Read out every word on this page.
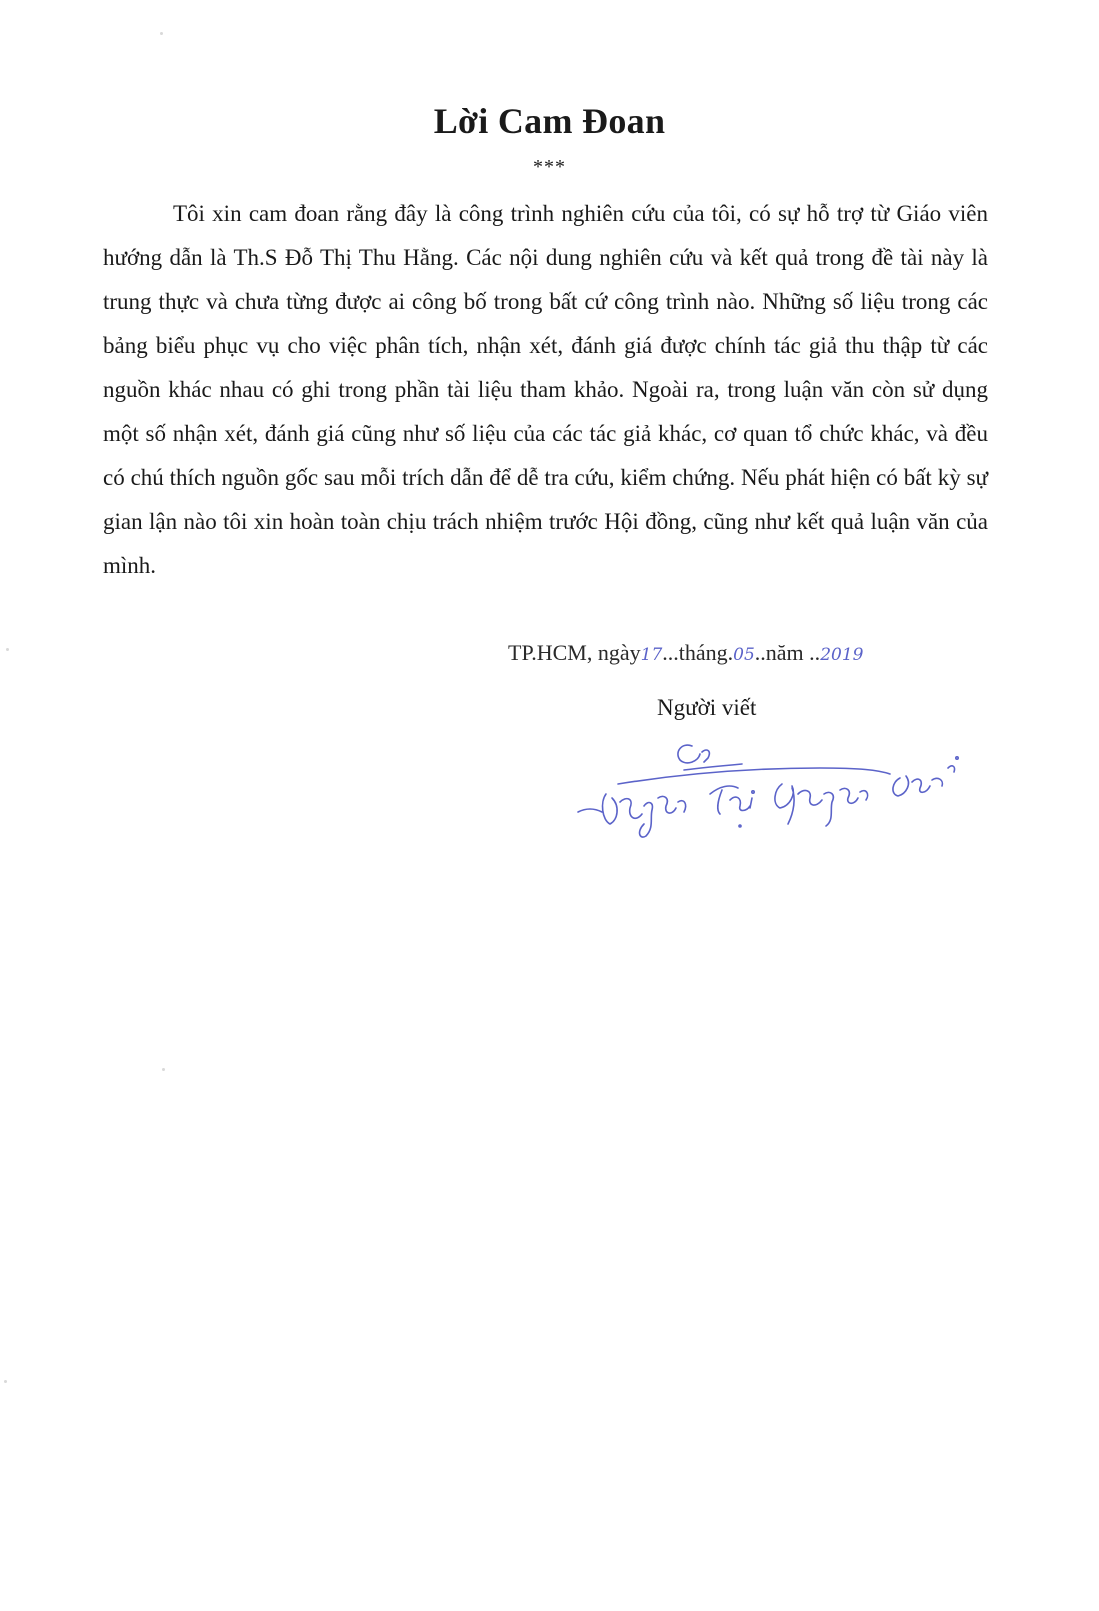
Lời Cam Đoan
***

Tôi xin cam đoan rằng đây là công trình nghiên cứu của tôi, có sự hỗ trợ từ Giáo viên hướng dẫn là Th.S Đỗ Thị Thu Hằng. Các nội dung nghiên cứu và kết quả trong đề tài này là trung thực và chưa từng được ai công bố trong bất cứ công trình nào. Những số liệu trong các bảng biểu phục vụ cho việc phân tích, nhận xét, đánh giá được chính tác giả thu thập từ các nguồn khác nhau có ghi trong phần tài liệu tham khảo. Ngoài ra, trong luận văn còn sử dụng một số nhận xét, đánh giá cũng như số liệu của các tác giả khác, cơ quan tổ chức khác, và đều có chú thích nguồn gốc sau mỗi trích dẫn để dễ tra cứu, kiểm chứng. Nếu phát hiện có bất kỳ sự gian lận nào tôi xin hoàn toàn chịu trách nhiệm trước Hội đồng, cũng như kết quả luận văn của mình.

TP.HCM, ngày17...tháng.05..năm ..2019
Người viết
